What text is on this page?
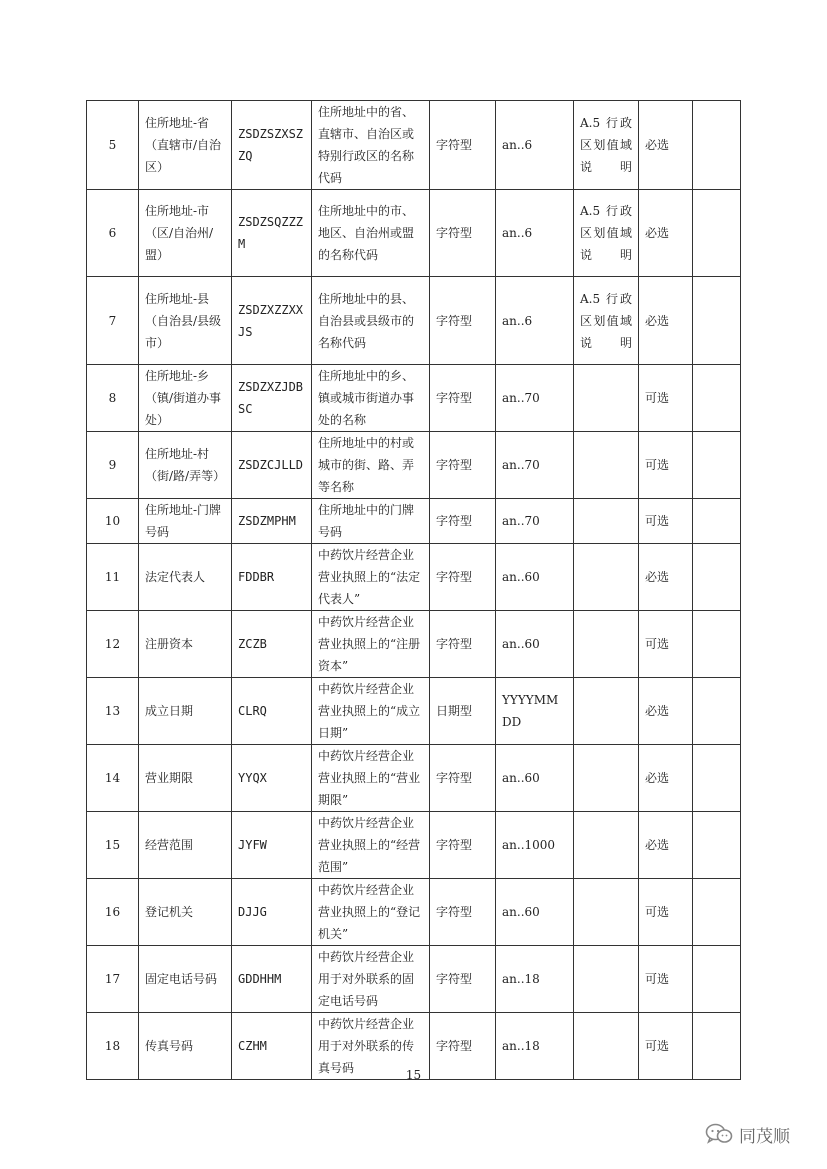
5	住所地址-省（直辖市/自治区）	ZSDZSZXSZZQ	住所地址中的省、直辖市、自治区或特别行政区的名称代码	字符型	an..6	A.5 行政区划值域说明	必选	
6	住所地址-市（区/自治州/盟）	ZSDZSQZZZM	住所地址中的市、地区、自治州或盟的名称代码	字符型	an..6	A.5 行政区划值域说明	必选	
7	住所地址-县（自治县/县级市）	ZSDZXZZXXJS	住所地址中的县、自治县或县级市的名称代码	字符型	an..6	A.5 行政区划值域说明	必选	
8	住所地址-乡（镇/街道办事处）	ZSDZXZJDBSC	住所地址中的乡、镇或城市街道办事处的名称	字符型	an..70		可选	
9	住所地址-村（街/路/弄等）	ZSDZCJLLD	住所地址中的村或城市的街、路、弄等名称	字符型	an..70		可选	
10	住所地址-门牌号码	ZSDZMPHM	住所地址中的门牌号码	字符型	an..70		可选	
11	法定代表人	FDDBR	中药饮片经营企业营业执照上的“法定代表人”	字符型	an..60		必选	
12	注册资本	ZCZB	中药饮片经营企业营业执照上的“注册资本”	字符型	an..60		可选	
13	成立日期	CLRQ	中药饮片经营企业营业执照上的“成立日期”	日期型	YYYYMMDD		必选	
14	营业期限	YYQX	中药饮片经营企业营业执照上的“营业期限”	字符型	an..60		必选	
15	经营范围	JYFW	中药饮片经营企业营业执照上的“经营范围”	字符型	an..1000		必选	
16	登记机关	DJJG	中药饮片经营企业营业执照上的“登记机关”	字符型	an..60		可选	
17	固定电话号码	GDDHHM	中药饮片经营企业用于对外联系的固定电话号码	字符型	an..18		可选	
18	传真号码	CZHM	中药饮片经营企业用于对外联系的传真号码	字符型	an..18		可选	
15
同茂顺
